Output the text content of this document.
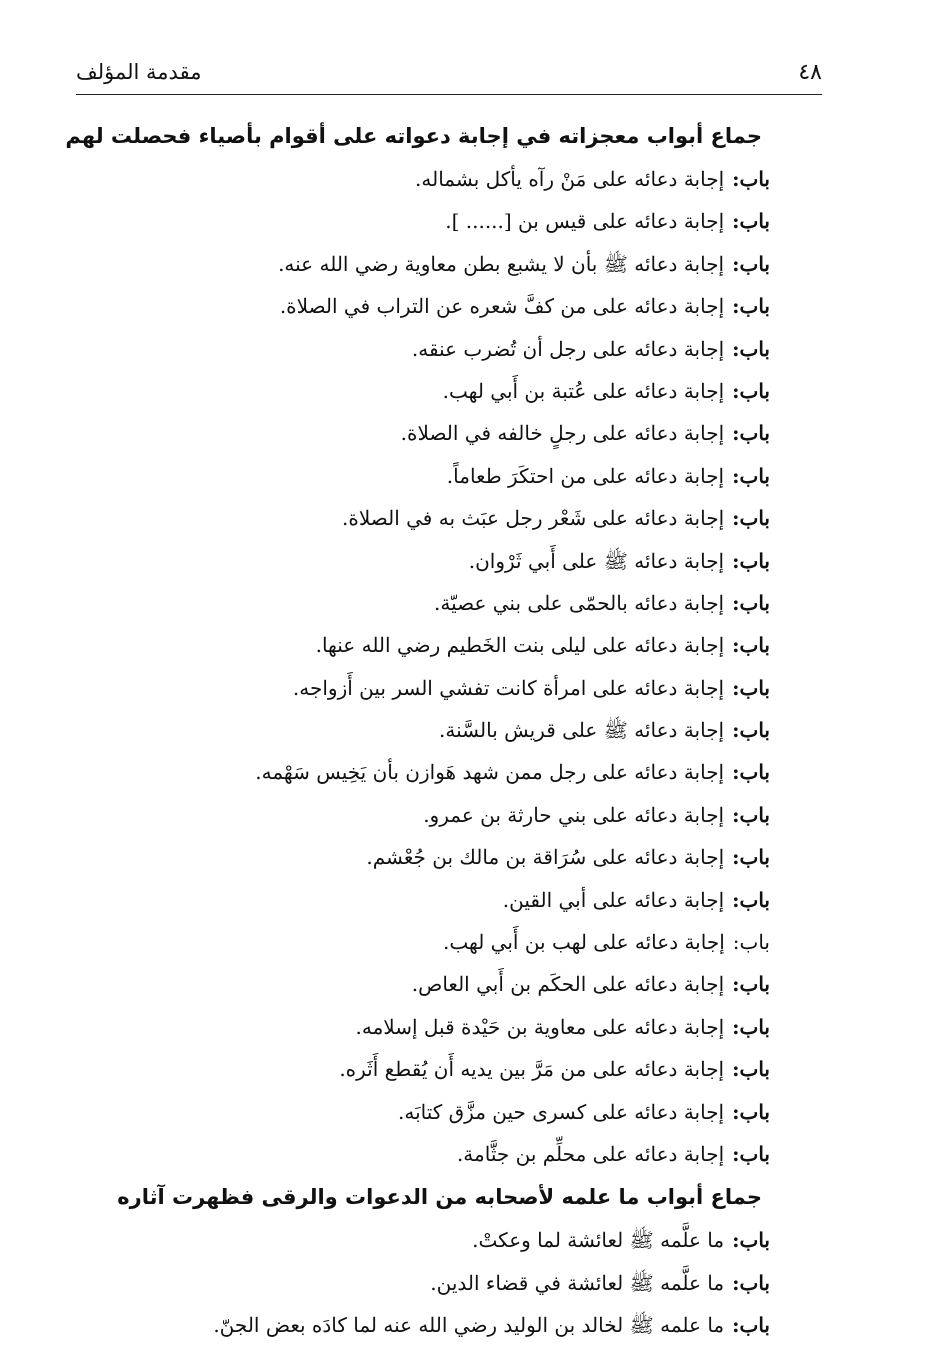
٤٨
مقدمة المؤلف
جماع أبواب معجزاته في إجابة دعواته على أقوام بأصياء فحصلت لهم
باب:إجابة دعائه على مَنْ رآه يأكل بشماله.
باب:إجابة دعائه على قيس بن [...... ].
باب:إجابة دعائه ﷺ بأن لا يشبع بطن معاوية رضي الله عنه.
باب:إجابة دعائه على من كفَّ شعره عن التراب في الصلاة.
باب:إجابة دعائه على رجل أن تُضرب عنقه.
باب:إجابة دعائه على عُتبة بن أَبي لهب.
باب:إجابة دعائه على رجلٍ خالفه في الصلاة.
باب:إجابة دعائه على من احتكَرَ طعاماً.
باب:إجابة دعائه على شَعْر رجل عبَث به في الصلاة.
باب:إجابة دعائه ﷺ على أَبي ثَرْوان.
باب:إجابة دعائه بالحمّى على بني عصيّة.
باب:إجابة دعائه على ليلى بنت الخَطيم رضي الله عنها.
باب:إجابة دعائه على امرأة كانت تفشي السر بين أَزواجه.
باب:إجابة دعائه ﷺ على قريش بالسَّنة.
باب:إجابة دعائه على رجل ممن شهد هَوازن بأن يَخِيس سَهْمه.
باب:إجابة دعائه على بني حارثة بن عمرو.
باب:إجابة دعائه على سُرَاقة بن مالك بن جُعْشم.
باب:إجابة دعائه على أبي القين.
باب:إجابة دعائه على لهب بن أَبي لهب.
باب:إجابة دعائه على الحكَم بن أَبي العاص.
باب:إجابة دعائه على معاوية بن حَيْدة قبل إسلامه.
باب:إجابة دعائه على من مَرَّ بين يديه أَن يُقطع أَثَره.
باب:إجابة دعائه على كسرى حين مزَّق كتابَه.
باب:إجابة دعائه على محلِّم بن جثَّامة.
جماع أبواب ما علمه لأصحابه من الدعوات والرقى فظهرت آثاره
باب:ما علَّمه ﷺ لعائشة لما وعكتْ.
باب:ما علَّمه ﷺ لعائشة في قضاء الدين.
باب:ما علمه ﷺ لخالد بن الوليد رضي الله عنه لما كادَه بعض الجنّ.
